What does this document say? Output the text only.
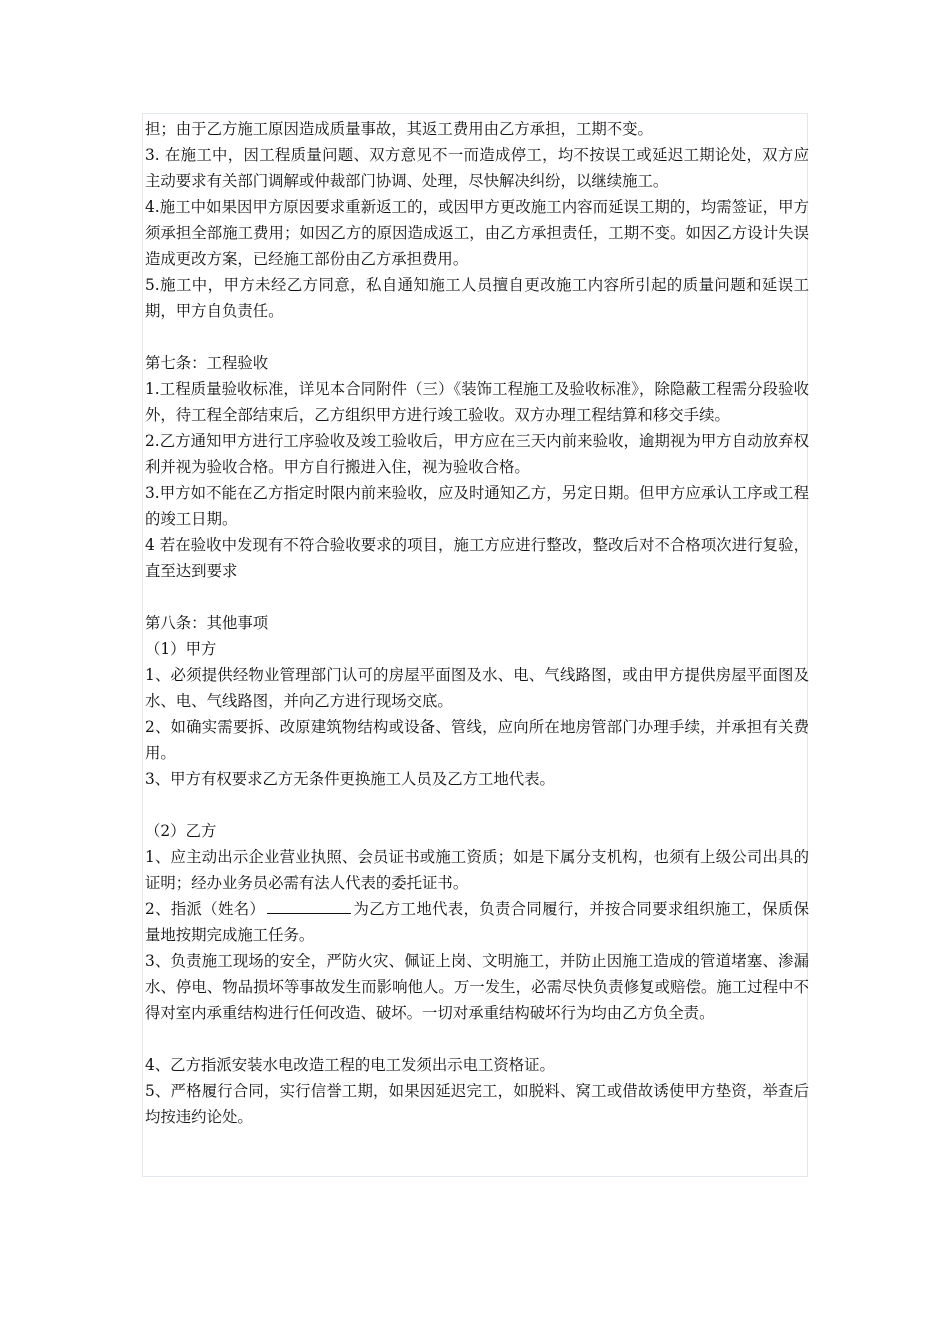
担；由于乙方施工原因造成质量事故，其返工费用由乙方承担，工期不变。

3. 在施工中，因工程质量问题、双方意见不一而造成停工，均不按误工或延迟工期论处，双方应主动要求有关部门调解或仲裁部门协调、处理，尽快解决纠纷，以继续施工。

4.施工中如果因甲方原因要求重新返工的，或因甲方更改施工内容而延误工期的，均需签证，甲方须承担全部施工费用；如因乙方的原因造成返工，由乙方承担责任，工期不变。如因乙方设计失误造成更改方案，已经施工部份由乙方承担费用。

5.施工中，甲方未经乙方同意，私自通知施工人员擅自更改施工内容所引起的质量问题和延误工期，甲方自负责任。

第七条：工程验收

1.工程质量验收标准，详见本合同附件（三）《装饰工程施工及验收标准》，除隐蔽工程需分段验收外，待工程全部结束后，乙方组织甲方进行竣工验收。双方办理工程结算和移交手续。

2.乙方通知甲方进行工序验收及竣工验收后，甲方应在三天内前来验收，逾期视为甲方自动放弃权利并视为验收合格。甲方自行搬进入住，视为验收合格。

3.甲方如不能在乙方指定时限内前来验收，应及时通知乙方，另定日期。但甲方应承认工序或工程的竣工日期。

4 若在验收中发现有不符合验收要求的项目，施工方应进行整改，整改后对不合格项次进行复验，直至达到要求

第八条：其他事项

（1）甲方

1、必须提供经物业管理部门认可的房屋平面图及水、电、气线路图，或由甲方提供房屋平面图及水、电、气线路图，并向乙方进行现场交底。

2、如确实需要拆、改原建筑物结构或设备、管线，应向所在地房管部门办理手续，并承担有关费用。

3、甲方有权要求乙方无条件更换施工人员及乙方工地代表。

（2）乙方

1、应主动出示企业营业执照、会员证书或施工资质；如是下属分支机构，也须有上级公司出具的证明；经办业务员必需有法人代表的委托证书。

2、指派（姓名）	为乙方工地代表，负责合同履行，并按合同要求组织施工，保质保量地按期完成施工任务。

3、负责施工现场的安全，严防火灾、佩证上岗、文明施工，并防止因施工造成的管道堵塞、渗漏水、停电、物品损坏等事故发生而影响他人。万一发生，必需尽快负责修复或赔偿。施工过程中不得对室内承重结构进行任何改造、破坏。一切对承重结构破坏行为均由乙方负全责。

4、乙方指派安装水电改造工程的电工发须出示电工资格证。

5、严格履行合同，实行信誉工期，如果因延迟完工，如脱料、窝工或借故诱使甲方垫资，举查后均按违约论处。
